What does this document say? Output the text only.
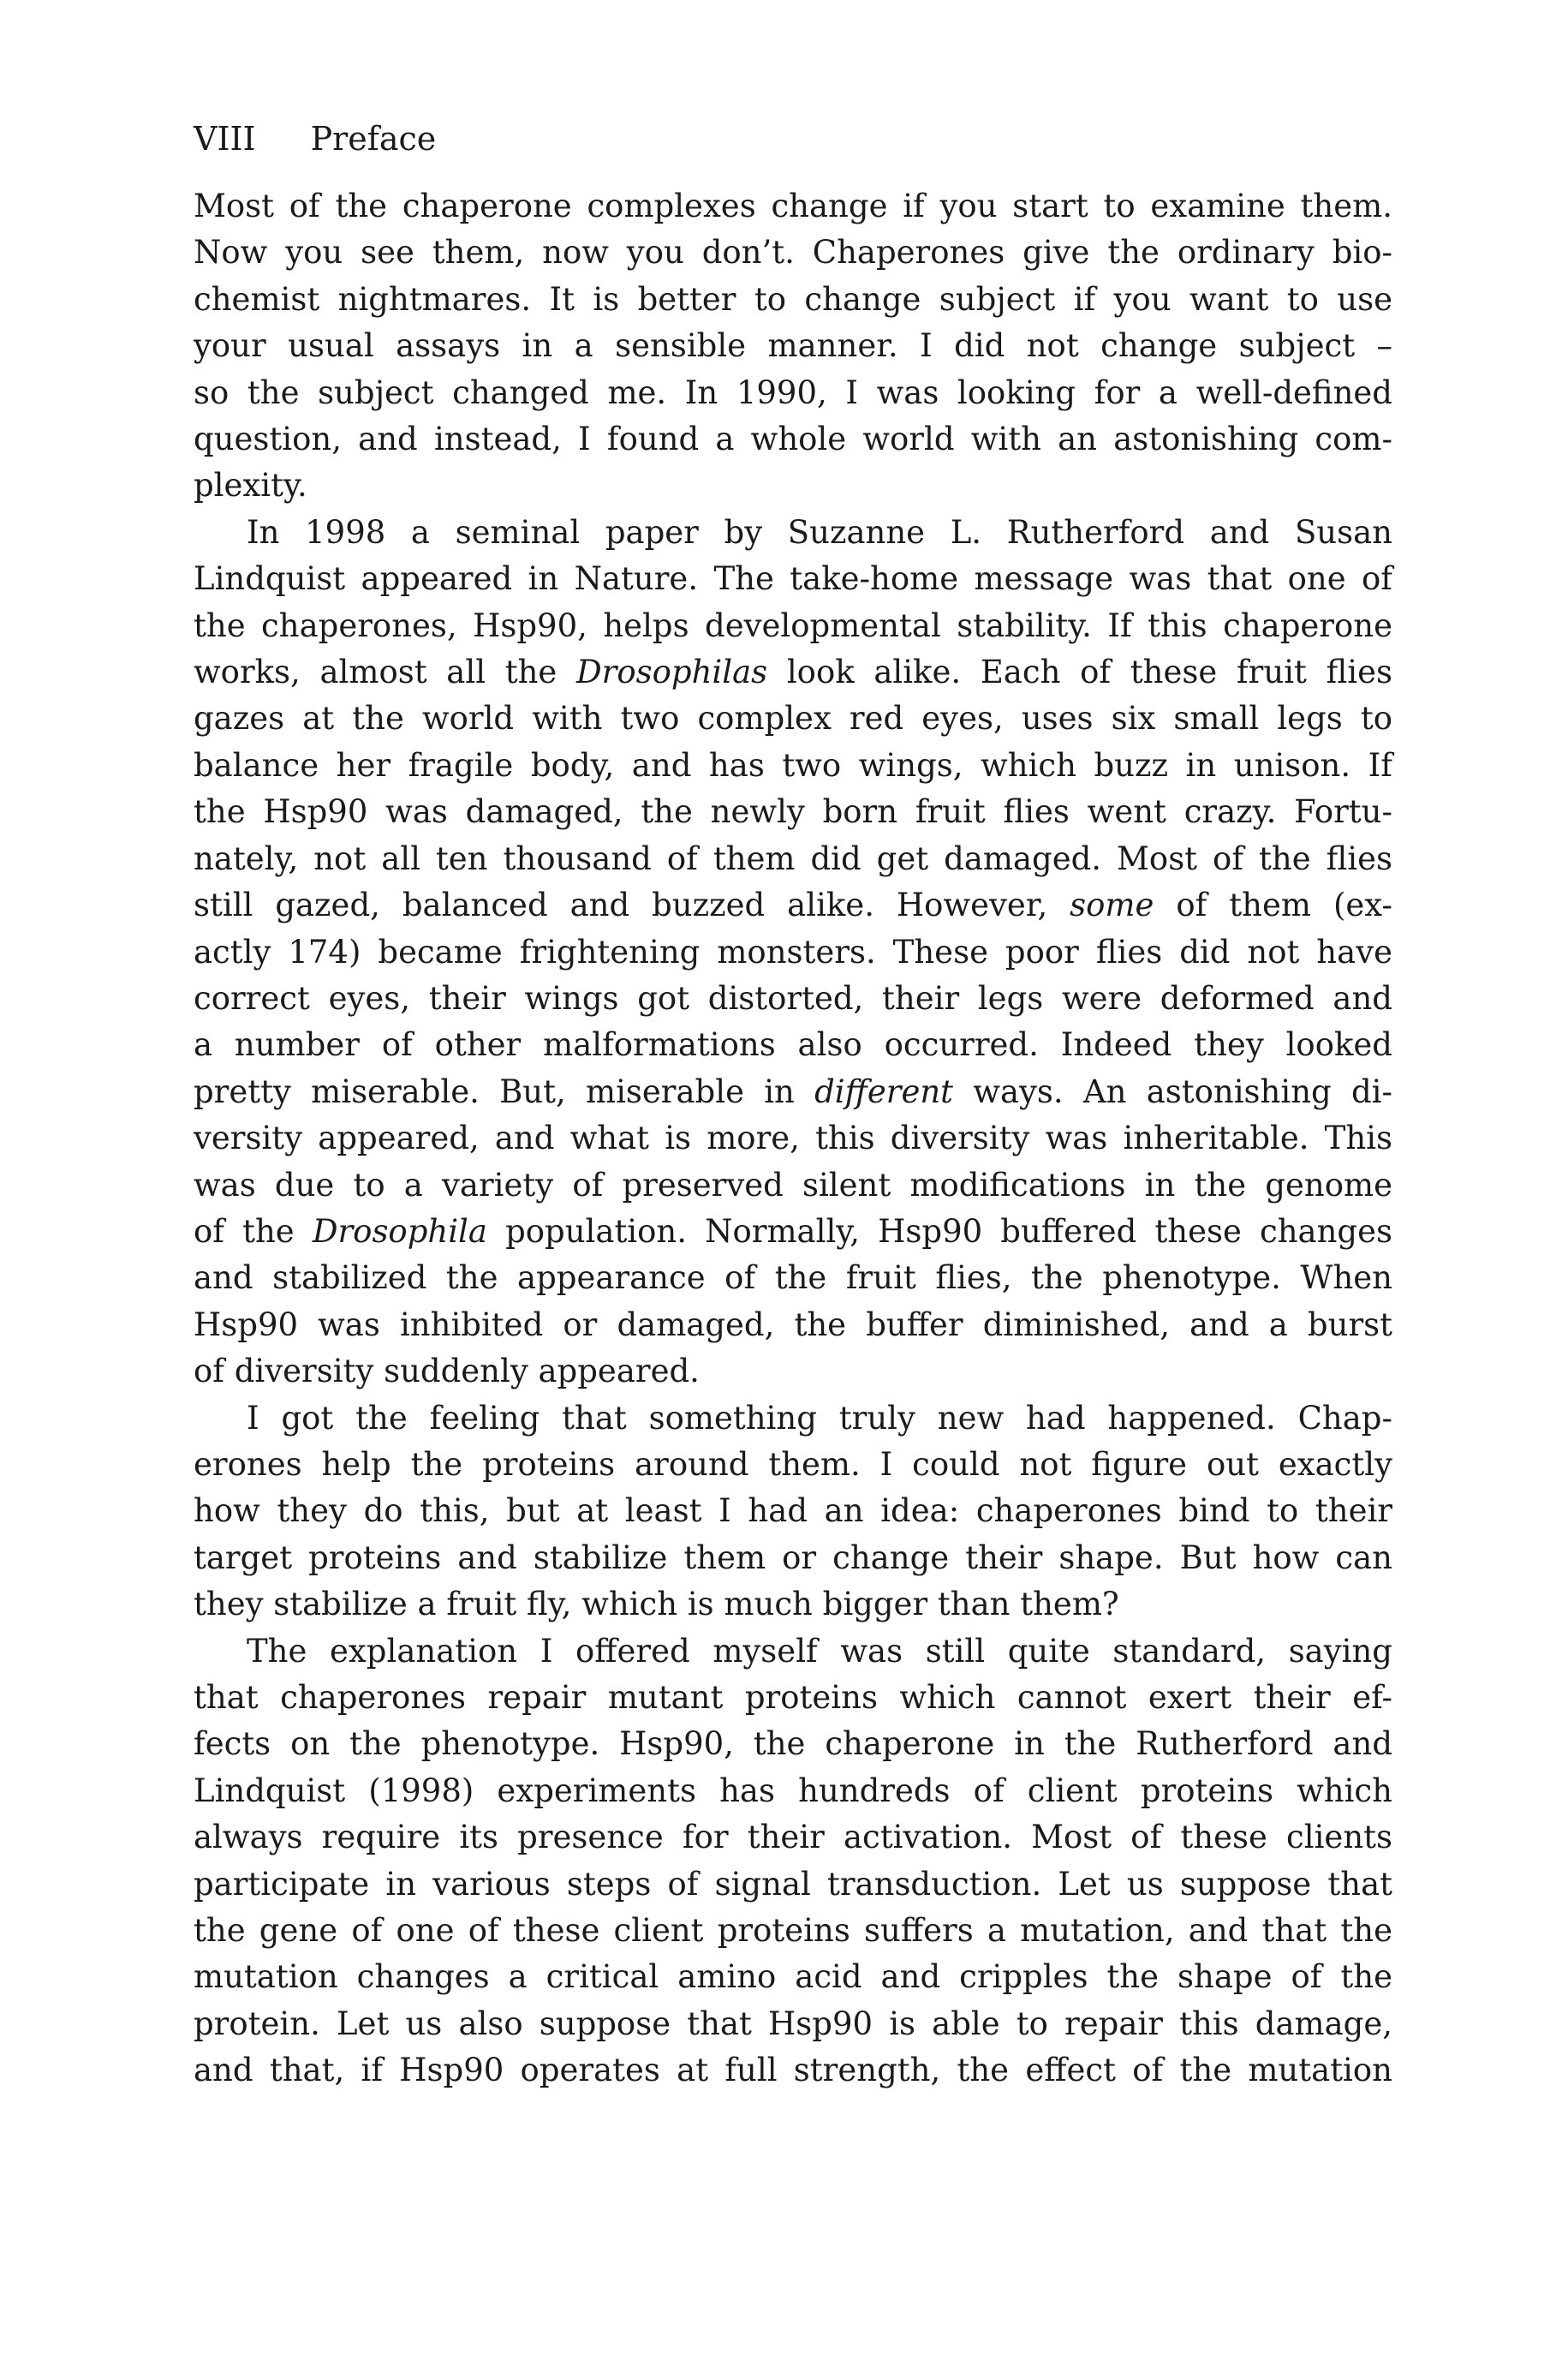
VIII Preface
Most of the chaperone complexes change if you start to examine them.
Now you see them, now you don’t. Chaperones give the ordinary bio-
chemist nightmares. It is better to change subject if you want to use
your usual assays in a sensible manner. I did not change subject –
so the subject changed me. In 1990, I was looking for a well-defined
question, and instead, I found a whole world with an astonishing com-
plexity.
In 1998 a seminal paper by Suzanne L. Rutherford and Susan
Lindquist appeared in Nature. The take-home message was that one of
the chaperones, Hsp90, helps developmental stability. If this chaperone
works, almost all the Drosophilas look alike. Each of these fruit flies
gazes at the world with two complex red eyes, uses six small legs to
balance her fragile body, and has two wings, which buzz in unison. If
the Hsp90 was damaged, the newly born fruit flies went crazy. Fortu-
nately, not all ten thousand of them did get damaged. Most of the flies
still gazed, balanced and buzzed alike. However, some of them (ex-
actly 174) became frightening monsters. These poor flies did not have
correct eyes, their wings got distorted, their legs were deformed and
a number of other malformations also occurred. Indeed they looked
pretty miserable. But, miserable in different ways. An astonishing di-
versity appeared, and what is more, this diversity was inheritable. This
was due to a variety of preserved silent modifications in the genome
of the Drosophila population. Normally, Hsp90 buffered these changes
and stabilized the appearance of the fruit flies, the phenotype. When
Hsp90 was inhibited or damaged, the buffer diminished, and a burst
of diversity suddenly appeared.
I got the feeling that something truly new had happened. Chap-
erones help the proteins around them. I could not figure out exactly
how they do this, but at least I had an idea: chaperones bind to their
target proteins and stabilize them or change their shape. But how can
they stabilize a fruit fly, which is much bigger than them?
The explanation I offered myself was still quite standard, saying
that chaperones repair mutant proteins which cannot exert their ef-
fects on the phenotype. Hsp90, the chaperone in the Rutherford and
Lindquist (1998) experiments has hundreds of client proteins which
always require its presence for their activation. Most of these clients
participate in various steps of signal transduction. Let us suppose that
the gene of one of these client proteins suffers a mutation, and that the
mutation changes a critical amino acid and cripples the shape of the
protein. Let us also suppose that Hsp90 is able to repair this damage,
and that, if Hsp90 operates at full strength, the effect of the mutation
